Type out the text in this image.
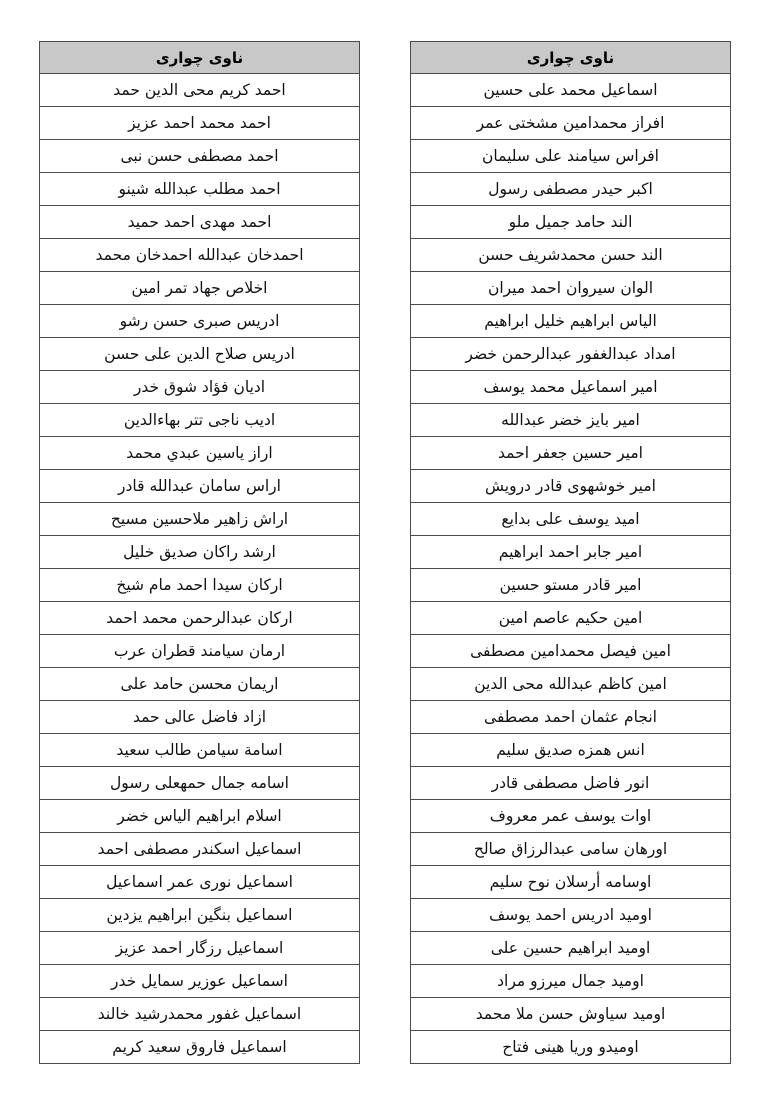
ناوی چوارى

اسماعيل محمد على حسين

افراز محمدامين مشختى عمر

افراس سيامند على سليمان

اكبر حيدر مصطفى رسول

الند حامد جميل ملو

الند حسن محمدشريف حسن

الوان سيروان احمد ميران

الياس ابراهيم خليل ابراهيم

امداد عبدالغفور عبدالرحمن خضر

امير اسماعيل محمد يوسف

امير بايز خضر عبدالله

امير حسين جعفر احمد

امير خوشهوى قادر درويش

اميد يوسف على بدايع

امير جابر احمد ابراهيم

امير قادر مستو حسين

امين حكيم عاصم امين

امين فيصل محمدامين مصطفى

امين كاظم عبدالله محى الدين

انجام عثمان احمد مصطفى

انس همزه صديق سليم

انور فاضل مصطفى قادر

اوات يوسف عمر معروف

اورهان سامى عبدالرزاق صالح

اوسامه أرسلان نوح سليم

اوميد ادريس احمد يوسف

اوميد ابراهيم حسين على

اوميد جمال ميرزو مراد

اوميد سياوش حسن ملا محمد

اوميدو وريا هينى فتاح
ناوی چوارى

احمد كريم محى الدين حمد

احمد محمد احمد عزيز

احمد مصطفى حسن نبى

احمد مطلب عبدالله شينو

احمد مهدى احمد حميد

احمدخان عبدالله احمدخان محمد

اخلاص جهاد تمر امين

ادريس صبرى حسن رشو

ادريس صلاح الدين على حسن

اديان فؤاد شوق خدر

اديب ناجى تتر بهاءالدين

اراز ياسين عبدي محمد

اراس سامان عبدالله قادر

اراش زاهير ملاحسين مسيح

ارشد راكان صديق خليل

اركان سيدا احمد مام شيخ

اركان عبدالرحمن محمد احمد

ارمان سيامند قطران عرب

اريمان محسن حامد على

ازاد فاضل عالى حمد

اسامة سيامن طالب سعيد

اسامه جمال حمهعلى رسول

اسلام ابراهيم الياس خضر

اسماعيل اسكندر مصطفى احمد

اسماعيل نورى عمر اسماعيل

اسماعيل بنگين ابراهيم يزدين

اسماعيل رزگار احمد عزيز

اسماعيل عوزير سمايل خدر

اسماعيل غفور محمدرشيد خالند

اسماعيل فاروق سعيد كريم
